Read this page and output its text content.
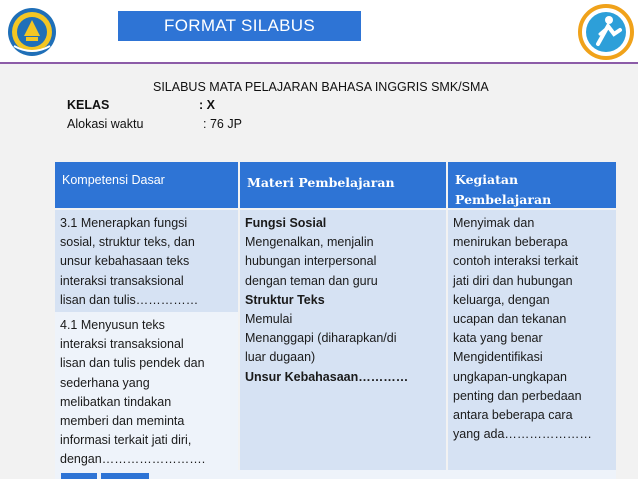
FORMAT SILABUS
SILABUS MATA PELAJARAN BAHASA INGGRIS SMK/SMA
KELAS	: X
Alokasi waktu	: 76 JP
Kompetensi Dasar
3.1 Menerapkan fungsi
sosial, struktur teks, dan
unsur kebahasaan teks
interaksi transaksional
lisan dan tulis……………
Materi Pembelajaran
Fungsi Sosial
Mengenalkan, menjalin
hubungan interpersonal
dengan teman dan guru
Struktur Teks
Memulai
Menanggapi (diharapkan/di
luar dugaan)
Unsur Kebahasaan…………
Kegiatan
Pembelajaran
Menyimak dan
menirukan beberapa
contoh interaksi terkait
jati diri dan hubungan
keluarga, dengan
ucapan dan tekanan
kata yang benar
Mengidentifikasi
ungkapan-ungkapan
penting dan perbedaan
antara beberapa cara
yang ada…………………
4.1 Menyusun teks
interaksi transaksional
lisan dan tulis pendek dan
sederhana yang
melibatkan tindakan
memberi dan meminta
informasi terkait jati diri,
dengan…………………….
